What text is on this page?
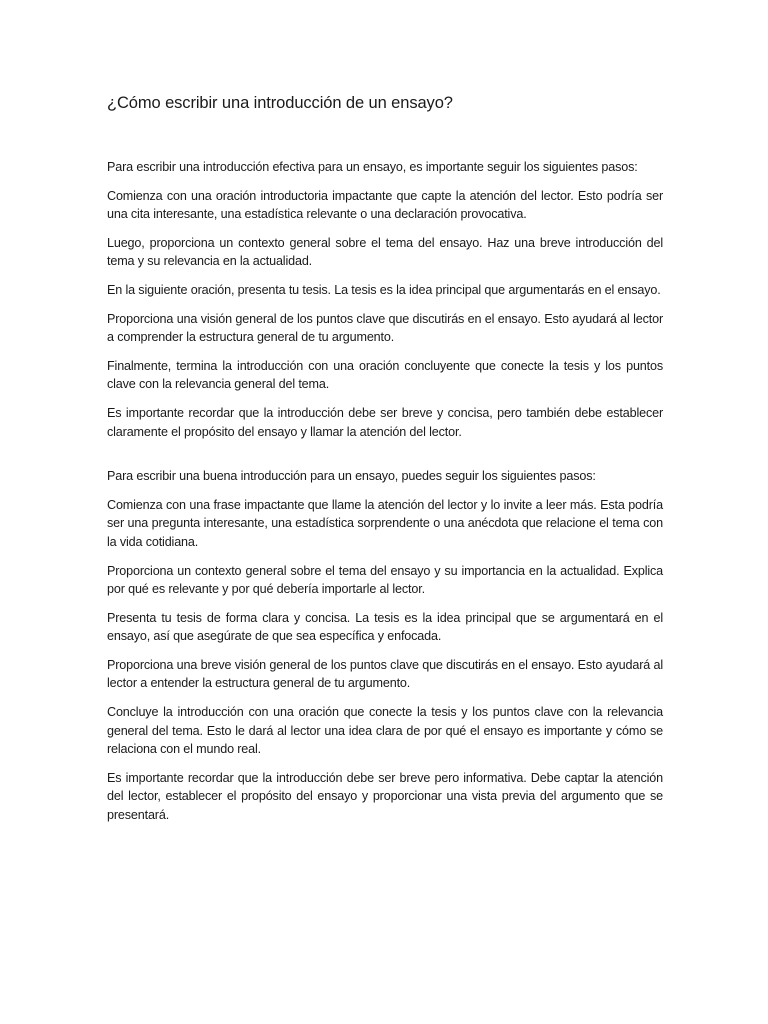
¿Cómo escribir una introducción de un ensayo?

Para escribir una introducción efectiva para un ensayo, es importante seguir los siguientes pasos:

Comienza con una oración introductoria impactante que capte la atención del lector. Esto podría ser una cita interesante, una estadística relevante o una declaración provocativa.

Luego, proporciona un contexto general sobre el tema del ensayo. Haz una breve introducción del tema y su relevancia en la actualidad.

En la siguiente oración, presenta tu tesis. La tesis es la idea principal que argumentarás en el ensayo.

Proporciona una visión general de los puntos clave que discutirás en el ensayo. Esto ayudará al lector a comprender la estructura general de tu argumento.

Finalmente, termina la introducción con una oración concluyente que conecte la tesis y los puntos clave con la relevancia general del tema.

Es importante recordar que la introducción debe ser breve y concisa, pero también debe establecer claramente el propósito del ensayo y llamar la atención del lector.

Para escribir una buena introducción para un ensayo, puedes seguir los siguientes pasos:

Comienza con una frase impactante que llame la atención del lector y lo invite a leer más. Esta podría ser una pregunta interesante, una estadística sorprendente o una anécdota que relacione el tema con la vida cotidiana.

Proporciona un contexto general sobre el tema del ensayo y su importancia en la actualidad. Explica por qué es relevante y por qué debería importarle al lector.

Presenta tu tesis de forma clara y concisa. La tesis es la idea principal que se argumentará en el ensayo, así que asegúrate de que sea específica y enfocada.

Proporciona una breve visión general de los puntos clave que discutirás en el ensayo. Esto ayudará al lector a entender la estructura general de tu argumento.

Concluye la introducción con una oración que conecte la tesis y los puntos clave con la relevancia general del tema. Esto le dará al lector una idea clara de por qué el ensayo es importante y cómo se relaciona con el mundo real.

Es importante recordar que la introducción debe ser breve pero informativa. Debe captar la atención del lector, establecer el propósito del ensayo y proporcionar una vista previa del argumento que se presentará.
